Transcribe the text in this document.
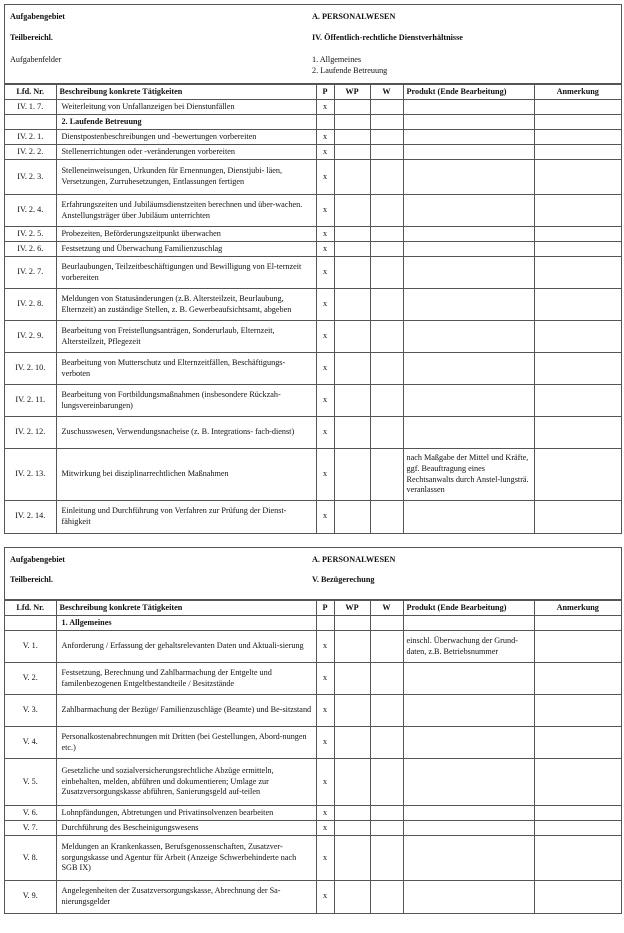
Aufgabengebiet	A. PERSONALWESEN
Teilbereichl.	IV. Öffentlich-rechtliche Dienstverhältnisse
Aufgabenfelder	1. Allgemeines
2. Laufende Betreuung
Lfd. Nr.	Beschreibung konkrete Tätigkeiten	P	WP	W	Produkt (Ende Bearbeitung)	Anmerkung
IV. 1. 7.	Weiterleitung von Unfallanzeigen bei Dienstunfällen	x				
	2. Laufende Betreuung					
IV. 2. 1.	Dienstpostenbeschreibungen und -bewertungen vorbereiten	x				
IV. 2. 2.	Stellenerrichtungen oder -veränderungen vorbereiten	x				
IV. 2. 3.	Stelleneinweisungen, Urkunden für Ernennungen, Dienstjubi- läen, Versetzungen, Zurruhesetzungen, Entlassungen fertigen	x				
IV. 2. 4.	Erfahrungszeiten und Jubiläumsdienstzeiten berechnen und über-wachen. Anstellungsträger über Jubiläum unterrichten	x				
IV. 2. 5.	Probezeiten, Beförderungszeitpunkt überwachen	x				
IV. 2. 6.	Festsetzung und Überwachung Familienzuschlag	x				
IV. 2. 7.	Beurlaubungen, Teilzeitbeschäftigungen und Bewilligung von El-ternzeit vorbereiten	x				
IV. 2. 8.	Meldungen von Statusänderungen (z.B. Altersteilzeit, Beurlaubung, Elternzeit) an zuständige Stellen, z. B. Gewerbeaufsichtsamt, abgeben	x				
IV. 2. 9.	Bearbeitung von Freistellungsanträgen, Sonderurlaub, Elternzeit, Altersteilzeit, Pflegezeit	x				
IV. 2. 10.	Bearbeitung von Mutterschutz und Elternzeitfällen, Beschäftigungs-verboten	x				
IV. 2. 11.	Bearbeitung von Fortbildungsmaßnahmen (insbesondere Rückzah-lungsvereinbarungen)	x				
IV. 2. 12.	Zuschusswesen, Verwendungsnacheise (z. B. Integrations- fach-dienst)	x				
IV. 2. 13.	Mitwirkung bei disziplinarrechtlichen Maßnahmen	x			nach Maßgabe der Mittel und Kräfte, ggf. Beauftragung eines Rechtsanwalts durch Anstel-lungsträ. veranlassen	
IV. 2. 14.	Einleitung und Durchführung von Verfahren zur Prüfung der Dienst-fähigkeit	x				
Aufgabengebiet	A. PERSONALWESEN
Teilbereichl.	V. Bezügerechung
Lfd. Nr.	Beschreibung konkrete Tätigkeiten	P	WP	W	Produkt (Ende Bearbeitung)	Anmerkung
	1. Allgemeines					
V. 1.	Anforderung / Erfassung der gehaltsrelevanten Daten und Aktuali-sierung	x			einschl. Überwachung der Grund-daten, z.B. Betriebsnummer	
V. 2.	Festsetzung, Berechnung und Zahlbarmachung der Entgelte und familenbezogenen Entgeltbestandteile / Besitzstände	x				
V. 3.	Zahlbarmachung der Bezüge/ Familienzuschläge (Beamte) und Be-sitzstand	x				
V. 4.	Personalkostenabrechnungen mit Dritten (bei Gestellungen, Abord-nungen etc.)	x				
V. 5.	Gesetzliche und sozialversicherungsrechtliche Abzüge ermitteln, einbehalten, melden, abführen und dokumentieren; Umlage zur Zusatzversorgungskasse abführen, Sanierungsgeld auf-teilen	x				
V. 6.	Lohnpfändungen, Abtretungen und Privatinsolvenzen bearbeiten	x				
V. 7.	Durchführung des Bescheinigungswesens	x				
V. 8.	Meldungen an Krankenkassen, Berufsgenossenschaften, Zusatzver-sorgungskasse und Agentur für Arbeit (Anzeige Schwerbehinderte nach SGB IX)	x				
V. 9.	Angelegenheiten der Zusatzversorgungskasse, Abrechnung der Sa-nierungsgelder	x				
